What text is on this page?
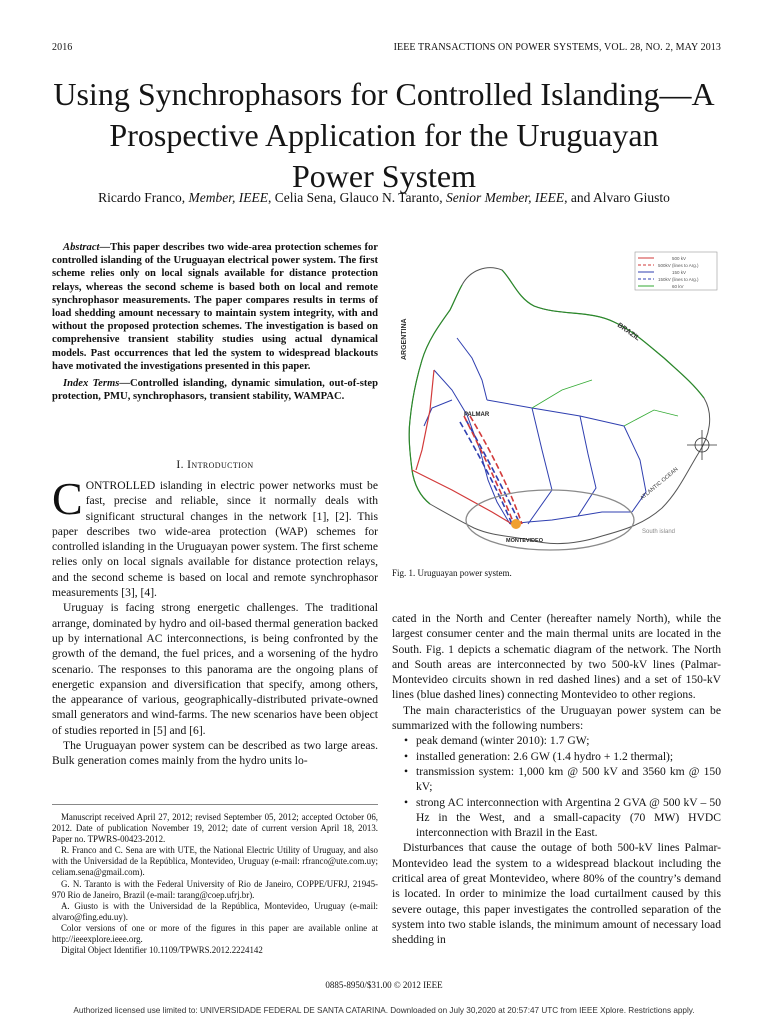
2016	IEEE TRANSACTIONS ON POWER SYSTEMS, VOL. 28, NO. 2, MAY 2013
Using Synchrophasors for Controlled Islanding—A
Prospective Application for the Uruguayan
Power System
Ricardo Franco, Member, IEEE, Celia Sena, Glauco N. Taranto, Senior Member, IEEE, and Alvaro Giusto

Abstract—This paper describes two wide-area protection schemes for controlled islanding of the Uruguayan electrical power system. The first scheme relies only on local signals available for distance protection relays, whereas the second scheme is based both on local and remote synchrophasor measurements. The paper compares results in terms of load shedding amount necessary to maintain system integrity, with and without the proposed protection schemes. The investigation is based on comprehensive transient stability studies using actual dynamical models. Past occurrences that led the system to widespread blackouts have motivated the investigations presented in this paper.

Index Terms—Controlled islanding, dynamic simulation, out-of-step protection, PMU, synchrophasors, transient stability, WAMPAC.

I. Introduction

CONTROLLED islanding in electric power networks must be fast, precise and reliable, since it normally deals with significant structural changes in the network [1], [2]. This paper describes two wide-area protection (WAP) schemes for controlled islanding in the Uruguayan power system. The first scheme relies only on local signals available for distance protection relays, and the second scheme is based on local and remote synchrophasor measurements [3], [4].

Uruguay is facing strong energetic challenges. The traditional arrange, dominated by hydro and oil-based thermal generation backed up by international AC interconnections, is being confronted by the growth of the demand, the fuel prices, and a worsening of the hydro scenario. The responses to this panorama are the ongoing plans of energetic expansion and diversification that specify, among others, the appearance of various, geographically-distributed private-owned small generators and wind-farms. The new scenarios have been object of studies reported in [5] and [6].

The Uruguayan power system can be described as two large areas. Bulk generation comes mainly from the hydro units lo-

Manuscript received April 27, 2012; revised September 05, 2012; accepted October 06, 2012. Date of publication November 19, 2012; date of current version April 18, 2013. Paper no. TPWRS-00423-2012.

R. Franco and C. Sena are with UTE, the National Electric Utility of Uruguay, and also with the Universidad de la República, Montevideo, Uruguay (e-mail: rfranco@ute.com.uy; celiam.sena@gmail.com).

G. N. Taranto is with the Federal University of Rio de Janeiro, COPPE/UFRJ, 21945-970 Rio de Janeiro, Brazil (e-mail: tarang@coep.ufrj.br).

A. Giusto is with the Universidad de la República, Montevideo, Uruguay (e-mail: alvaro@fing.edu.uy).

Color versions of one or more of the figures in this paper are available online at http://ieeexplore.ieee.org.

Digital Object Identifier 10.1109/TPWRS.2012.2224142

ARGENTINA	BRAZIL
PALMAR
MONTEVIDEO
ATLANTIC OCEAN
South island
500 kV
500kV (lines to Arg.)
150 kV
150kV (lines to Arg.)
60 kV
Fig. 1. Uruguayan power system.

cated in the North and Center (hereafter namely North), while the largest consumer center and the main thermal units are located in the South. Fig. 1 depicts a schematic diagram of the network. The North and South areas are interconnected by two 500-kV lines (Palmar-Montevideo circuits shown in red dashed lines) and a set of 150-kV lines (blue dashed lines) connecting Montevideo to other regions.

The main characteristics of the Uruguayan power system can be summarized with the following numbers:

• peak demand (winter 2010): 1.7 GW;
• installed generation: 2.6 GW (1.4 hydro + 1.2 thermal);
• transmission system: 1,000 km @ 500 kV and 3560 km @ 150 kV;
• strong AC interconnection with Argentina 2 GVA @ 500 kV – 50 Hz in the West, and a small-capacity (70 MW) HVDC interconnection with Brazil in the East.

Disturbances that cause the outage of both 500-kV lines Palmar-Montevideo lead the system to a widespread blackout including the critical area of great Montevideo, where 80% of the country’s demand is located. In order to minimize the load curtailment caused by this severe outage, this paper investigates the controlled separation of the system into two stable islands, the minimum amount of necessary load shedding in

0885-8950/$31.00 © 2012 IEEE
Authorized licensed use limited to: UNIVERSIDADE FEDERAL DE SANTA CATARINA. Downloaded on July 30,2020 at 20:57:47 UTC from IEEE Xplore. Restrictions apply.
